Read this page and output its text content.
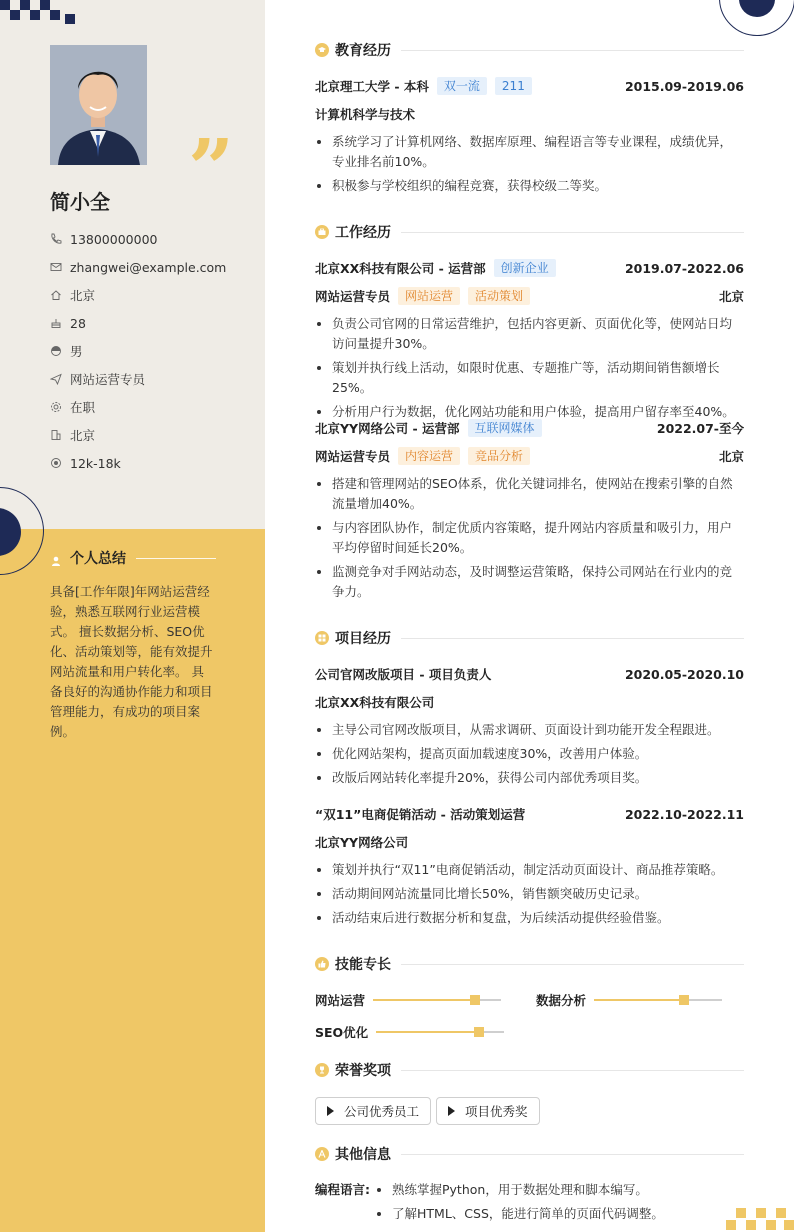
”
简小全
13800000000
zhangwei@example.com
北京
28
男
网站运营专员
在职
北京
12k-18k
个人总结
具备[工作年限]年网站运营经验，熟悉互联网行业运营模式。 擅长数据分析、SEO优化、活动策划等，能有效提升网站流量和用户转化率。 具备良好的沟通协作能力和项目管理能力，有成功的项目案例。
教育经历
北京理工大学 - 本科	双一流	211	2015.09-2019.06
计算机科学与技术
系统学习了计算机网络、数据库原理、编程语言等专业课程，成绩优异，专业排名前10%。
积极参与学校组织的编程竞赛，获得校级二等奖。
工作经历
北京XX科技有限公司 - 运营部	创新企业	2019.07-2022.06
网站运营专员	网站运营	活动策划	北京
负责公司官网的日常运营维护，包括内容更新、页面优化等，使网站日均访问量提升30%。
策划并执行线上活动，如限时优惠、专题推广等，活动期间销售额增长25%。
分析用户行为数据，优化网站功能和用户体验，提高用户留存率至40%。
北京YY网络公司 - 运营部	互联网媒体	2022.07-至今
网站运营专员	内容运营	竞品分析	北京
搭建和管理网站的SEO体系，优化关键词排名，使网站在搜索引擎的自然流量增加40%。
与内容团队协作，制定优质内容策略，提升网站内容质量和吸引力，用户平均停留时间延长20%。
监测竞争对手网站动态，及时调整运营策略，保持公司网站在行业内的竞争力。
项目经历
公司官网改版项目 - 项目负责人	2020.05-2020.10
北京XX科技有限公司
主导公司官网改版项目，从需求调研、页面设计到功能开发全程跟进。
优化网站架构，提高页面加载速度30%，改善用户体验。
改版后网站转化率提升20%，获得公司内部优秀项目奖。
“双11”电商促销活动 - 活动策划运营	2022.10-2022.11
北京YY网络公司
策划并执行“双11”电商促销活动，制定活动页面设计、商品推荐策略。
活动期间网站流量同比增长50%，销售额突破历史记录。
活动结束后进行数据分析和复盘，为后续活动提供经验借鉴。
技能专长
网站运营	数据分析
SEO优化
荣誉奖项
公司优秀员工	项目优秀奖
其他信息
编程语言:	熟练掌握Python，用于数据处理和脚本编写。
了解HTML、CSS，能进行简单的页面代码调整。
